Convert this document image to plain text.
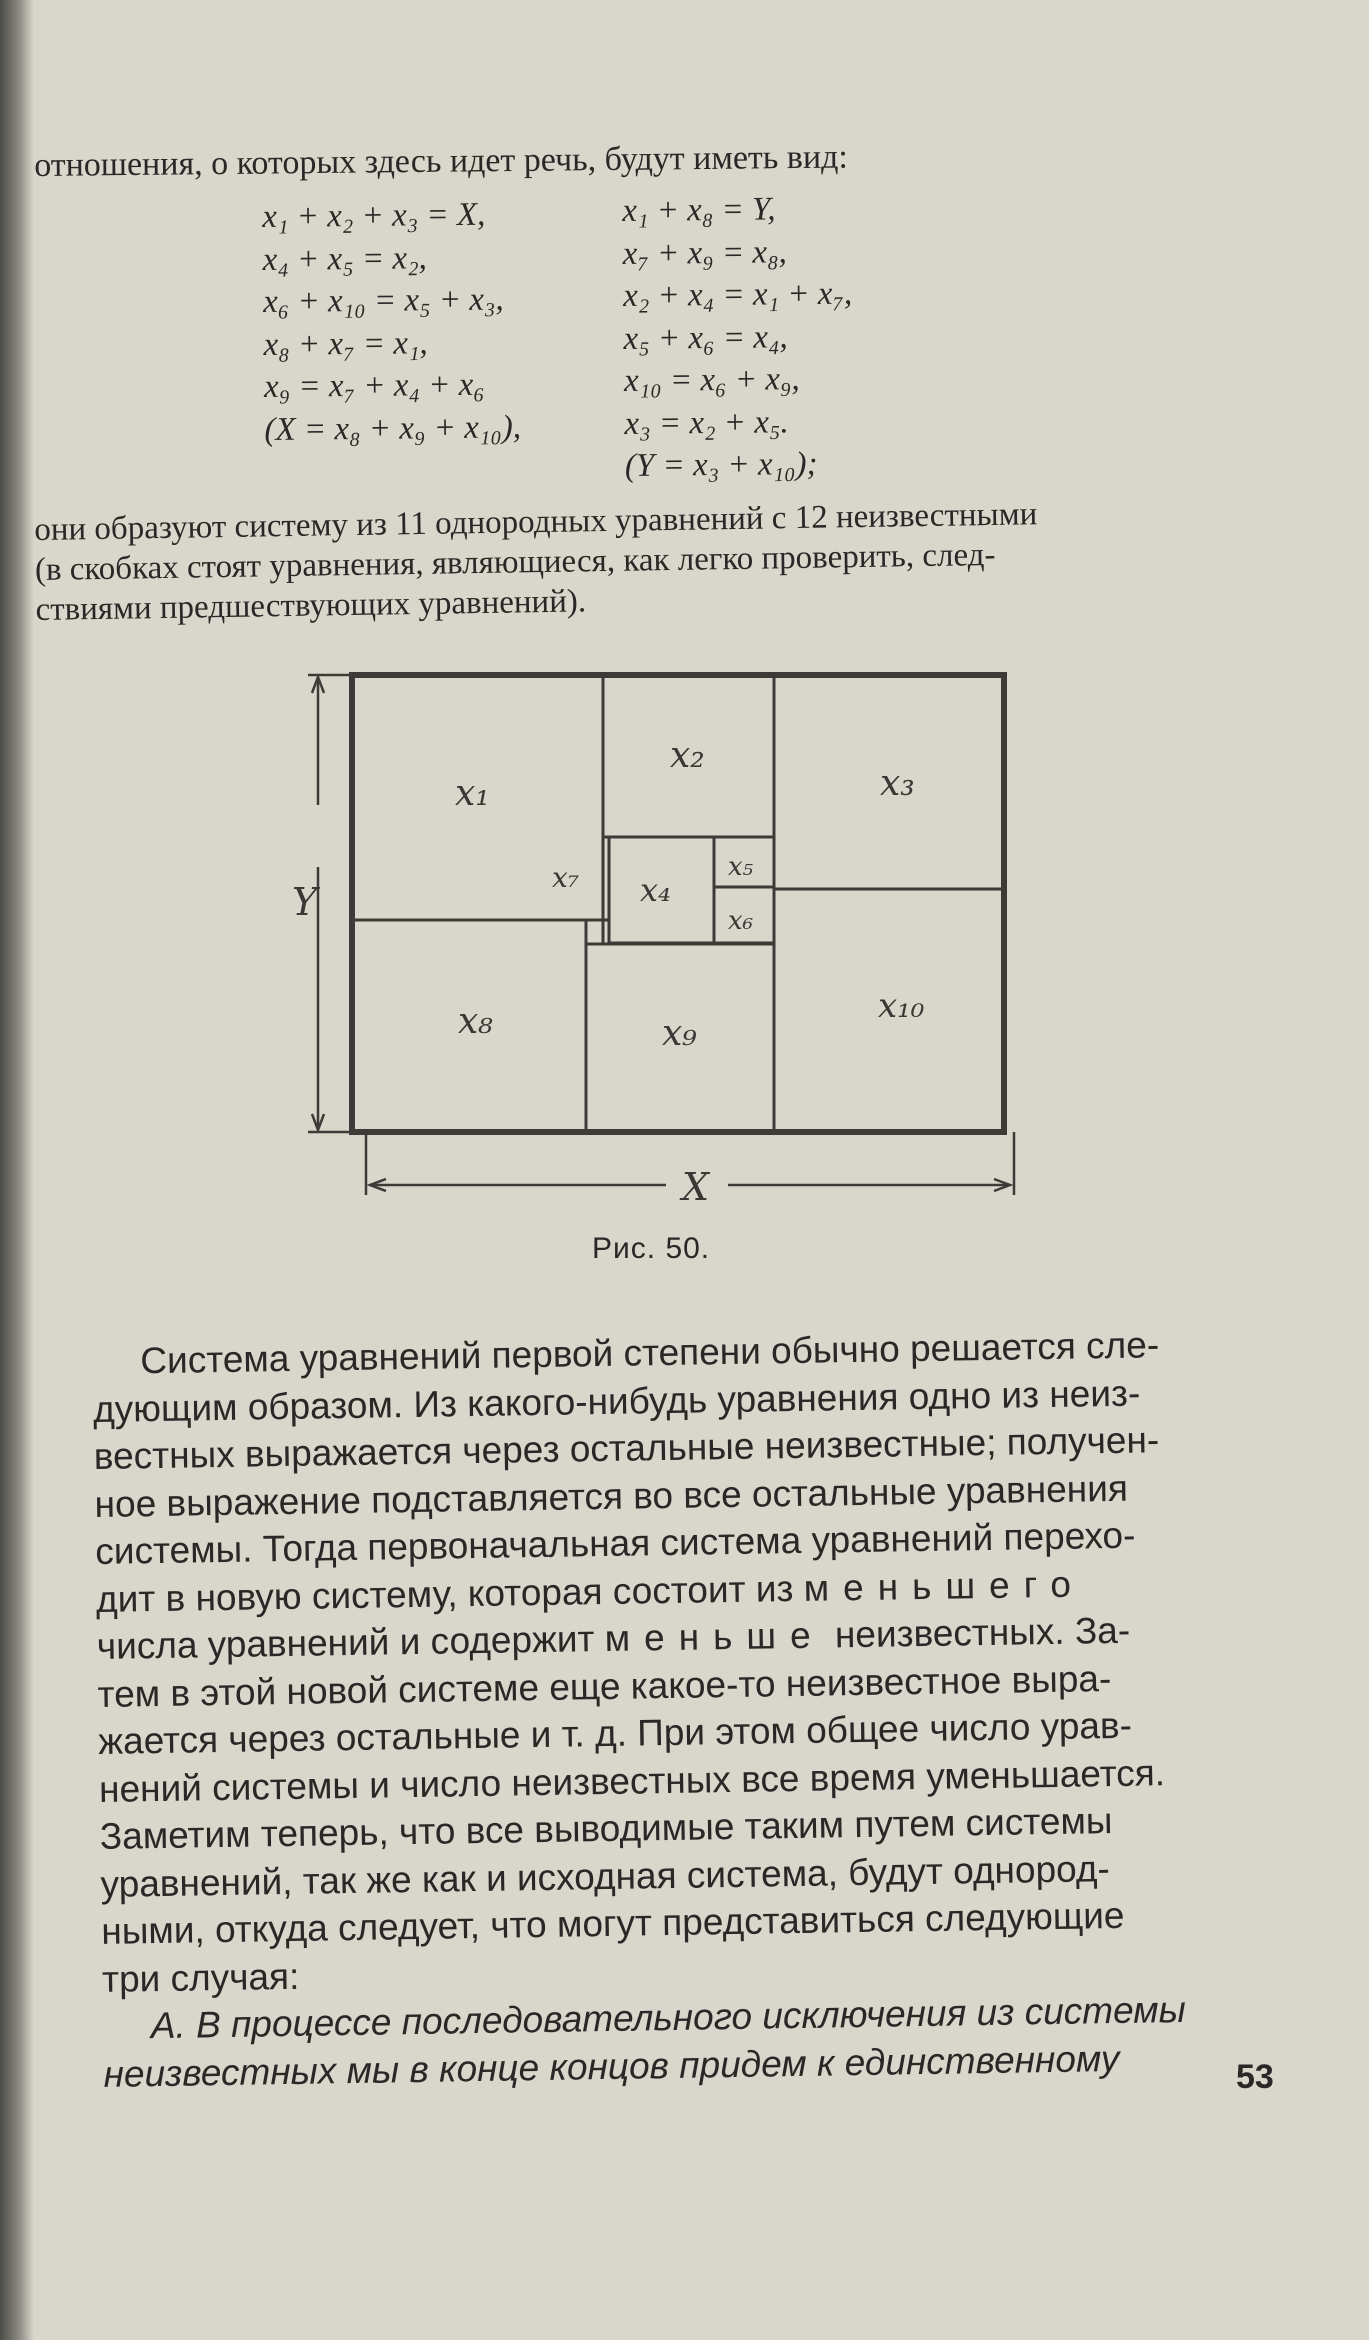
отношения, о которых здесь идет речь, будут иметь вид:
x₁ + x₂ + x₃ = X,
x₄ + x₅ = x₂,
x₆ + x₁₀ = x₅ + x₃,
x₈ + x₇ = x₁,
x₉ = x₇ + x₄ + x₆
(X = x₈ + x₉ + x₁₀),
x₁ + x₈ = Y,
x₇ + x₉ = x₈,
x₂ + x₄ = x₁ + x₇,
x₅ + x₆ = x₄,
x₁₀ = x₆ + x₉,
x₃ = x₂ + x₅.
(Y = x₃ + x₁₀);
они образуют систему из 11 однородных уравнений с 12 неизвестными
(в скобках стоят уравнения, являющиеся, как легко проверить, след-
ствиями предшествующих уравнений).
x₁
x₂
x₃
x₄
x₅
x₆
x₇
x₈	x₉
x₁₀
Y
X
Рис. 50.
Система уравнений первой степени обычно решается сле-
дующим образом. Из какого-нибудь уравнения одно из неиз-
вестных выражается через остальные неизвестные; получен-
ное выражение подставляется во все остальные уравнения
системы. Тогда первоначальная система уравнений перехо-
дит в новую систему, которая состоит из меньшего
числа уравнений и содержит меньше неизвестных. За-
тем в этой новой системе еще какое-то неизвестное выра-
жается через остальные и т. д. При этом общее число урав-
нений системы и число неизвестных все время уменьшается.
Заметим теперь, что все выводимые таким путем системы
уравнений, так же как и исходная система, будут однород-
ными, откуда следует, что могут представиться следующие
три случая:
А. В процессе последовательного исключения из системы
неизвестных мы в конце концов придем к единственному	53
